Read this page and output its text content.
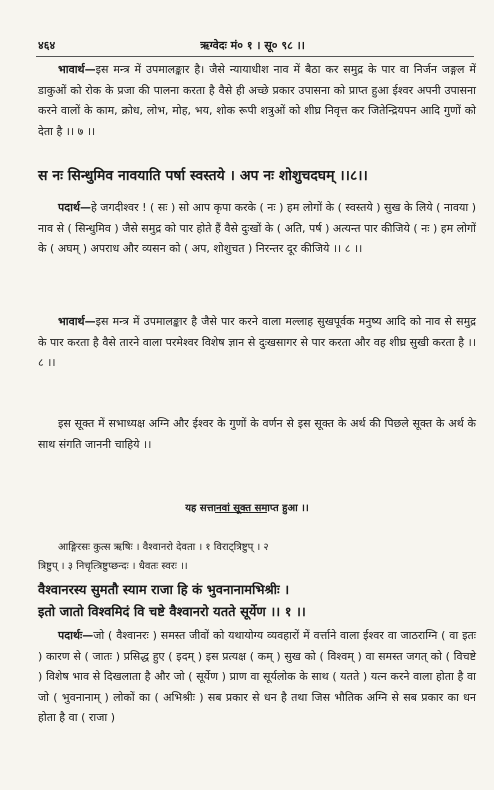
४६४	ऋग्वेदः मं० १ । सू० ९८ ।।

भावार्थ—इस मन्त्र में उपमालङ्कार है। जैसे न्यायाधीश नाव में बैठा कर समुद्र के पार वा निर्जन जङ्गल में डाकुओं को रोक के प्रजा की पालना करता है वैसे ही अच्छे प्रकार उपासना को प्राप्त हुआ ईश्वर अपनी उपासना करने वालों के काम, क्रोध, लोभ, मोह, भय, शोक रूपी शत्रुओं को शीघ्र निवृत्त कर जितेन्द्रियपन आदि गुणों को देता है ।। ७ ।।

स नः सिन्धुमिव नावयाति पर्षा स्वस्तये । अप नः शोशुचदघम् ।।८।।

पदार्थ—हे जगदीश्वर ! ( सः ) सो आप कृपा करके ( नः ) हम लोगों के ( स्वस्तये ) सुख के लिये ( नावया ) नाव से ( सिन्धुमिव ) जैसे समुद्र को पार होते हैं वैसे दुःखों के ( अति, पर्ष ) अत्यन्त पार कीजिये ( नः ) हम लोगों के ( अघम् ) अपराध और व्यसन को ( अप, शोशुचत ) निरन्तर दूर कीजिये ।। ८ ।।

भावार्थ—इस मन्त्र में उपमालङ्कार है जैसे पार करने वाला मल्लाह सुखपूर्वक मनुष्य आदि को नाव से समुद्र के पार करता है वैसे तारने वाला परमेश्वर विशेष ज्ञान से दुःखसागर से पार करता और वह शीघ्र सुखी करता है ।। ८ ।।

इस सूक्त में सभाध्यक्ष अग्नि और ईश्वर के गुणों के वर्णन से इस सूक्त के अर्थ की पिछले सूक्त के अर्थ के साथ संगति जाननी चाहिये ।।

यह सत्तानवां सूक्त समाप्त हुआ ।।

आङ्गिरसः कुत्स ऋषिः । वैश्वानरो देवता । १ विराट्त्रिष्टुप् । २

त्रिष्टुप् । ३ निचृत्त्रिष्टुप्छन्दः । धैवतः स्वरः ।।

वैश्वानरस्य सुमतौ स्याम राजा हि कं भुवनानामभिश्रीः ।

इतो जातो विश्वमिदं वि चष्टे वैश्वानरो यतते सूर्येण ।। १ ।।

पदार्थः—जो ( वैश्वानरः ) समस्त जीवों को यथायोग्य व्यवहारों में वर्त्ताने वाला ईश्वर वा जाठराग्नि ( वा इतः ) कारण से ( जातः ) प्रसिद्ध हुए ( इदम् ) इस प्रत्यक्ष ( कम् ) सुख को ( विश्वम् ) वा समस्त जगत् को ( विचष्टे ) विशेष भाव से दिखलाता है और जो ( सूर्येण ) प्राण वा सूर्यलोक के साथ ( यतते ) यत्न करने वाला होता है वा जो ( भुवनानाम् ) लोकों का ( अभिश्रीः ) सब प्रकार से धन है तथा जिस भौतिक अग्नि से सब प्रकार का धन होता है वा ( राजा )
